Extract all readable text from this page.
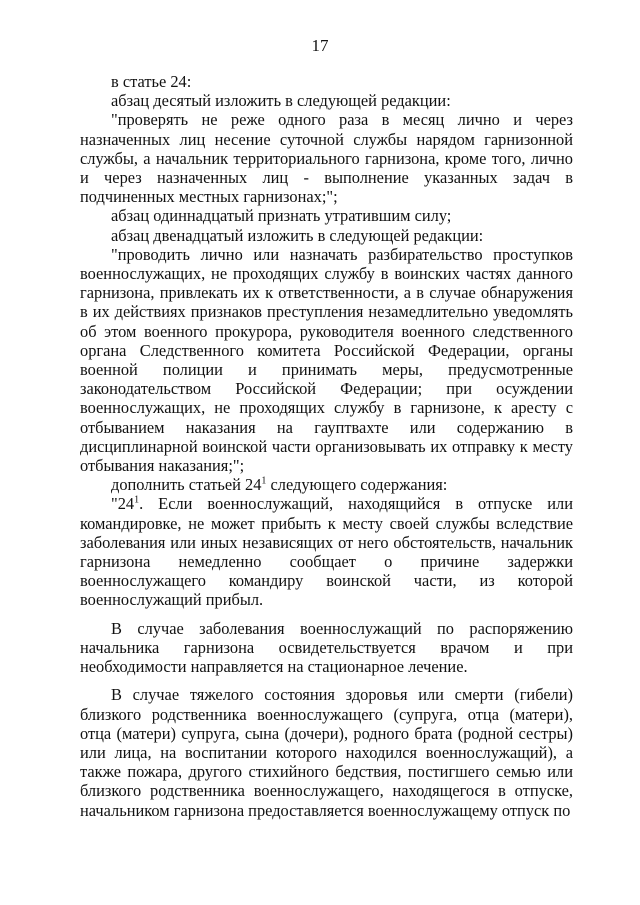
17

в статье 24:

абзац десятый изложить в следующей редакции:

"проверять не реже одного раза в месяц лично и через назначенных лиц несение суточной службы нарядом гарнизонной службы, а начальник территориального гарнизона, кроме того, лично и через назначенных лиц - выполнение указанных задач в подчиненных местных гарнизонах;";

абзац одиннадцатый признать утратившим силу;

абзац двенадцатый изложить в следующей редакции:

"проводить лично или назначать разбирательство проступков военнослужащих, не проходящих службу в воинских частях данного гарнизона, привлекать их к ответственности, а в случае обнаружения в их действиях признаков преступления незамедлительно уведомлять об этом военного прокурора, руководителя военного следственного органа Следственного комитета Российской Федерации, органы военной полиции и принимать меры, предусмотренные законодательством Российской Федерации; при осуждении военнослужащих, не проходящих службу в гарнизоне, к аресту с отбыванием наказания на гауптвахте или содержанию в дисциплинарной воинской части организовывать их отправку к месту отбывания наказания;";

дополнить статьей $24^1$ следующего содержания:

"$24^1$. Если военнослужащий, находящийся в отпуске или командировке, не может прибыть к месту своей службы вследствие заболевания или иных независящих от него обстоятельств, начальник гарнизона немедленно сообщает о причине задержки военнослужащего командиру воинской части, из которой военнослужащий прибыл.

В случае заболевания военнослужащий по распоряжению начальника гарнизона освидетельствуется врачом и при необходимости направляется на стационарное лечение.

В случае тяжелого состояния здоровья или смерти (гибели) близкого родственника военнослужащего (супруга, отца (матери), отца (матери) супруга, сына (дочери), родного брата (родной сестры) или лица, на воспитании которого находился военнослужащий), а также пожара, другого стихийного бедствия, постигшего семью или близкого родственника военнослужащего, находящегося в отпуске, начальником гарнизона предоставляется военнослужащему отпуск по
